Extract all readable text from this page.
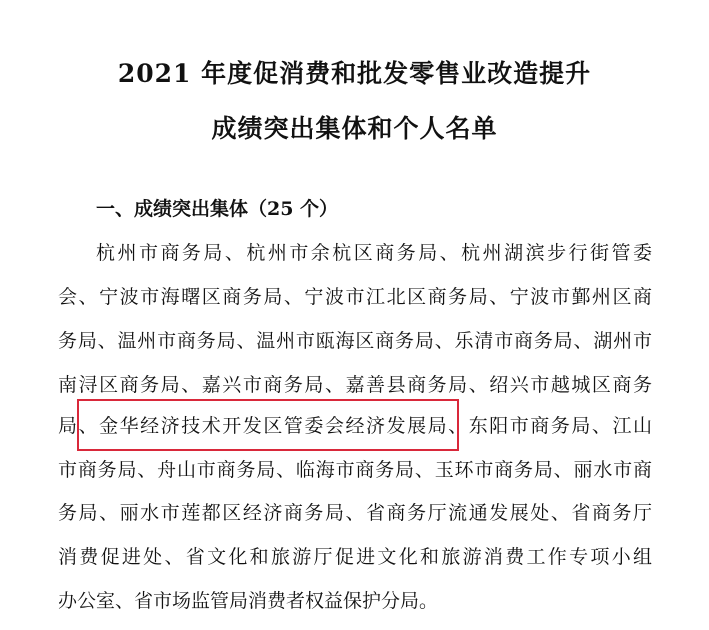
2021 年度促消费和批发零售业改造提升
成绩突出集体和个人名单
一、成绩突出集体（25 个）
杭州市商务局、杭州市余杭区商务局、杭州湖滨步行街管委
会、宁波市海曙区商务局、宁波市江北区商务局、宁波市鄞州区商
务局、温州市商务局、温州市瓯海区商务局、乐清市商务局、湖州市
南浔区商务局、嘉兴市商务局、嘉善县商务局、绍兴市越城区商务
局、金华经济技术开发区管委会经济发展局、东阳市商务局、江山
市商务局、舟山市商务局、临海市商务局、玉环市商务局、丽水市商
务局、丽水市莲都区经济商务局、省商务厅流通发展处、省商务厅
消费促进处、省文化和旅游厅促进文化和旅游消费工作专项小组
办公室、省市场监管局消费者权益保护分局。
